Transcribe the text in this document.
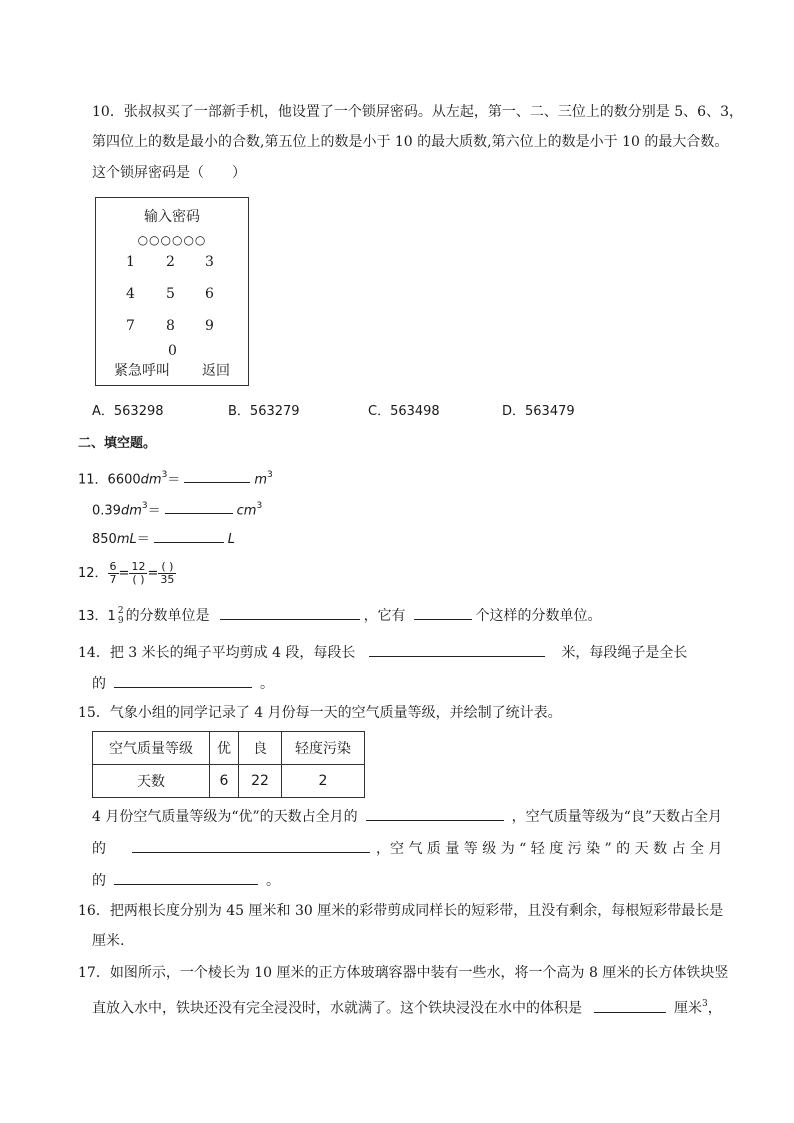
10．张叔叔买了一部新手机，他设置了一个锁屏密码。从左起，第一、二、三位上的数分别是 5、6、3，
第四位上的数是最小的合数,第五位上的数是小于 10 的最大质数,第六位上的数是小于 10 的最大合数。
这个锁屏密码是（　　）
输入密码
○○○○○○
1 2 3
4 5 6
7 8 9
0
紧急呼叫 返回
A．563298	B．563279	C．563498	D．563479
二、填空题。
11．$6600dm^3=$	$m^3$
$0.39dm^3=$	$cm^3$
850mL＝	L
12． $\frac{6}{7} = \frac{12}{( )} = \frac{( )}{35}$
13．1 2
9 的分数单位是	，它有	个这样的分数单位。
14．把 3 米长的绳子平均剪成 4 段，每段长	米，每段绳子是全长
的	。
15．气象小组的同学记录了 4 月份每一天的空气质量等级，并绘制了统计表。
空气质量等级	优	良	轻度污染
天数	6	22	2
4 月份空气质量等级为“优”的天数占全月的	，空气质量等级为“良”天数占全月
的	，空 气 质 量 等 级 为 “ 轻 度 污 染 ” 的 天 数 占 全 月
的	。
16．把两根长度分别为 45 厘米和 30 厘米的彩带剪成同样长的短彩带，且没有剩余，每根短彩带最长是
厘米.
17．如图所示，一个棱长为 10 厘米的正方体玻璃容器中装有一些水，将一个高为 8 厘米的长方体铁块竖
直放入水中，铁块还没有完全浸没时，水就满了。这个铁块浸没在水中的体积是	厘米$^3$，
